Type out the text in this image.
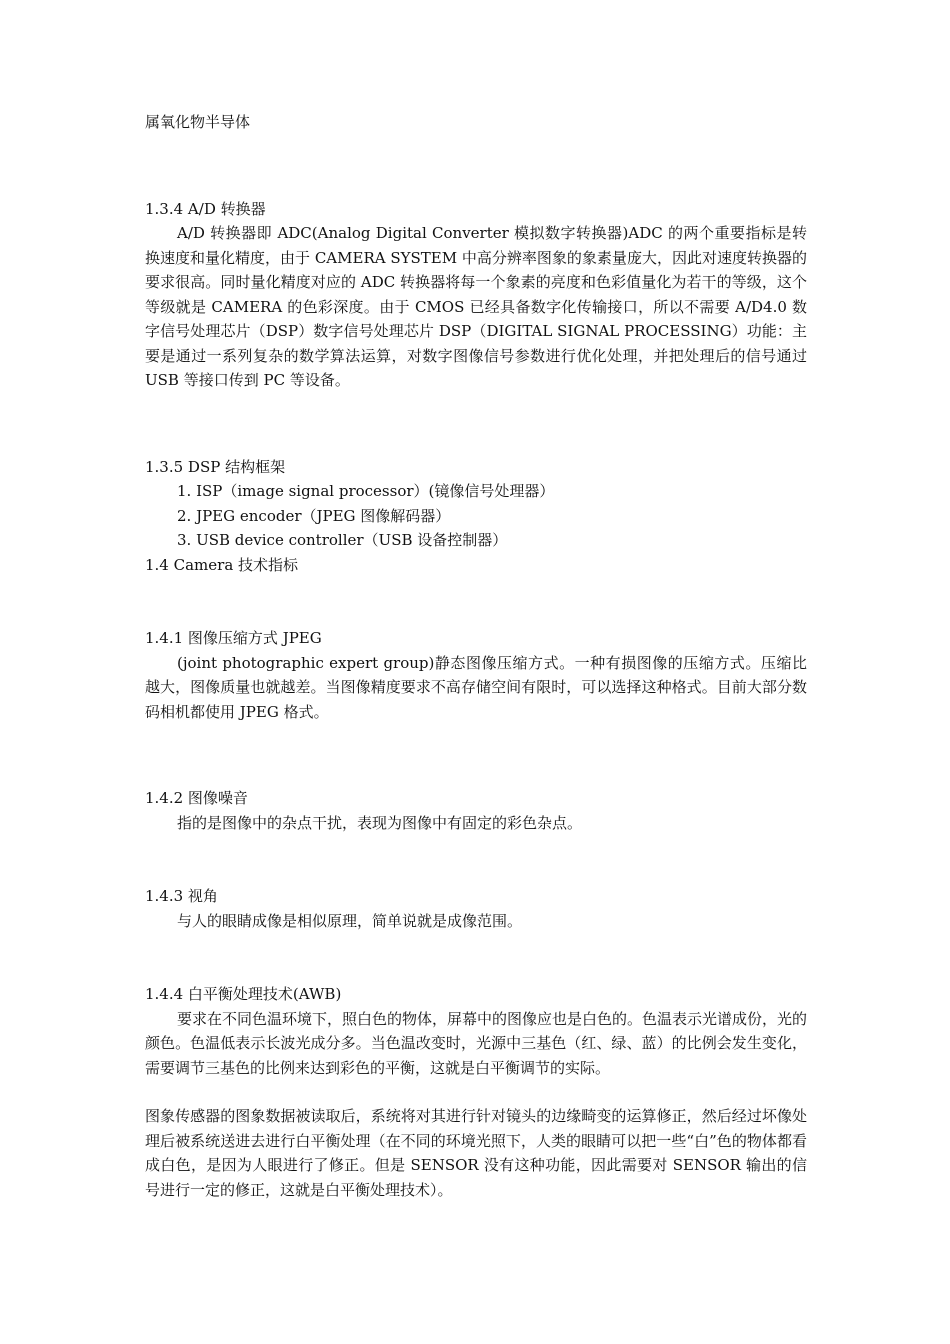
属氧化物半导体

1.3.4 A/D 转换器

A/D 转换器即 ADC(Analog Digital Converter 模拟数字转换器)ADC 的两个重要指标是转换速度和量化精度，由于 CAMERA SYSTEM 中高分辨率图象的象素量庞大，因此对速度转换器的要求很高。同时量化精度对应的 ADC 转换器将每一个象素的亮度和色彩值量化为若干的等级，这个等级就是 CAMERA 的色彩深度。由于 CMOS 已经具备数字化传输接口，所以不需要 A/D4.0 数字信号处理芯片（DSP）数字信号处理芯片 DSP（DIGITAL SIGNAL PROCESSING）功能：主要是通过一系列复杂的数学算法运算，对数字图像信号参数进行优化处理，并把处理后的信号通过 USB 等接口传到 PC 等设备。

1.3.5 DSP 结构框架

1. ISP（image signal processor）(镜像信号处理器）

2. JPEG encoder（JPEG 图像解码器）

3. USB device controller（USB 设备控制器）

1.4 Camera 技术指标

1.4.1 图像压缩方式 JPEG

(joint photographic expert group)静态图像压缩方式。一种有损图像的压缩方式。压缩比越大，图像质量也就越差。当图像精度要求不高存储空间有限时，可以选择这种格式。目前大部分数码相机都使用 JPEG 格式。

1.4.2 图像噪音

指的是图像中的杂点干扰，表现为图像中有固定的彩色杂点。

1.4.3 视角

与人的眼睛成像是相似原理，简单说就是成像范围。

1.4.4 白平衡处理技术(AWB)

要求在不同色温环境下，照白色的物体，屏幕中的图像应也是白色的。色温表示光谱成份，光的颜色。色温低表示长波光成分多。当色温改变时，光源中三基色（红、绿、蓝）的比例会发生变化，需要调节三基色的比例来达到彩色的平衡，这就是白平衡调节的实际。

图象传感器的图象数据被读取后，系统将对其进行针对镜头的边缘畸变的运算修正，然后经过坏像处理后被系统送进去进行白平衡处理（在不同的环境光照下，人类的眼睛可以把一些“白”色的物体都看成白色，是因为人眼进行了修正。但是 SENSOR 没有这种功能，因此需要对 SENSOR 输出的信号进行一定的修正，这就是白平衡处理技术）。
